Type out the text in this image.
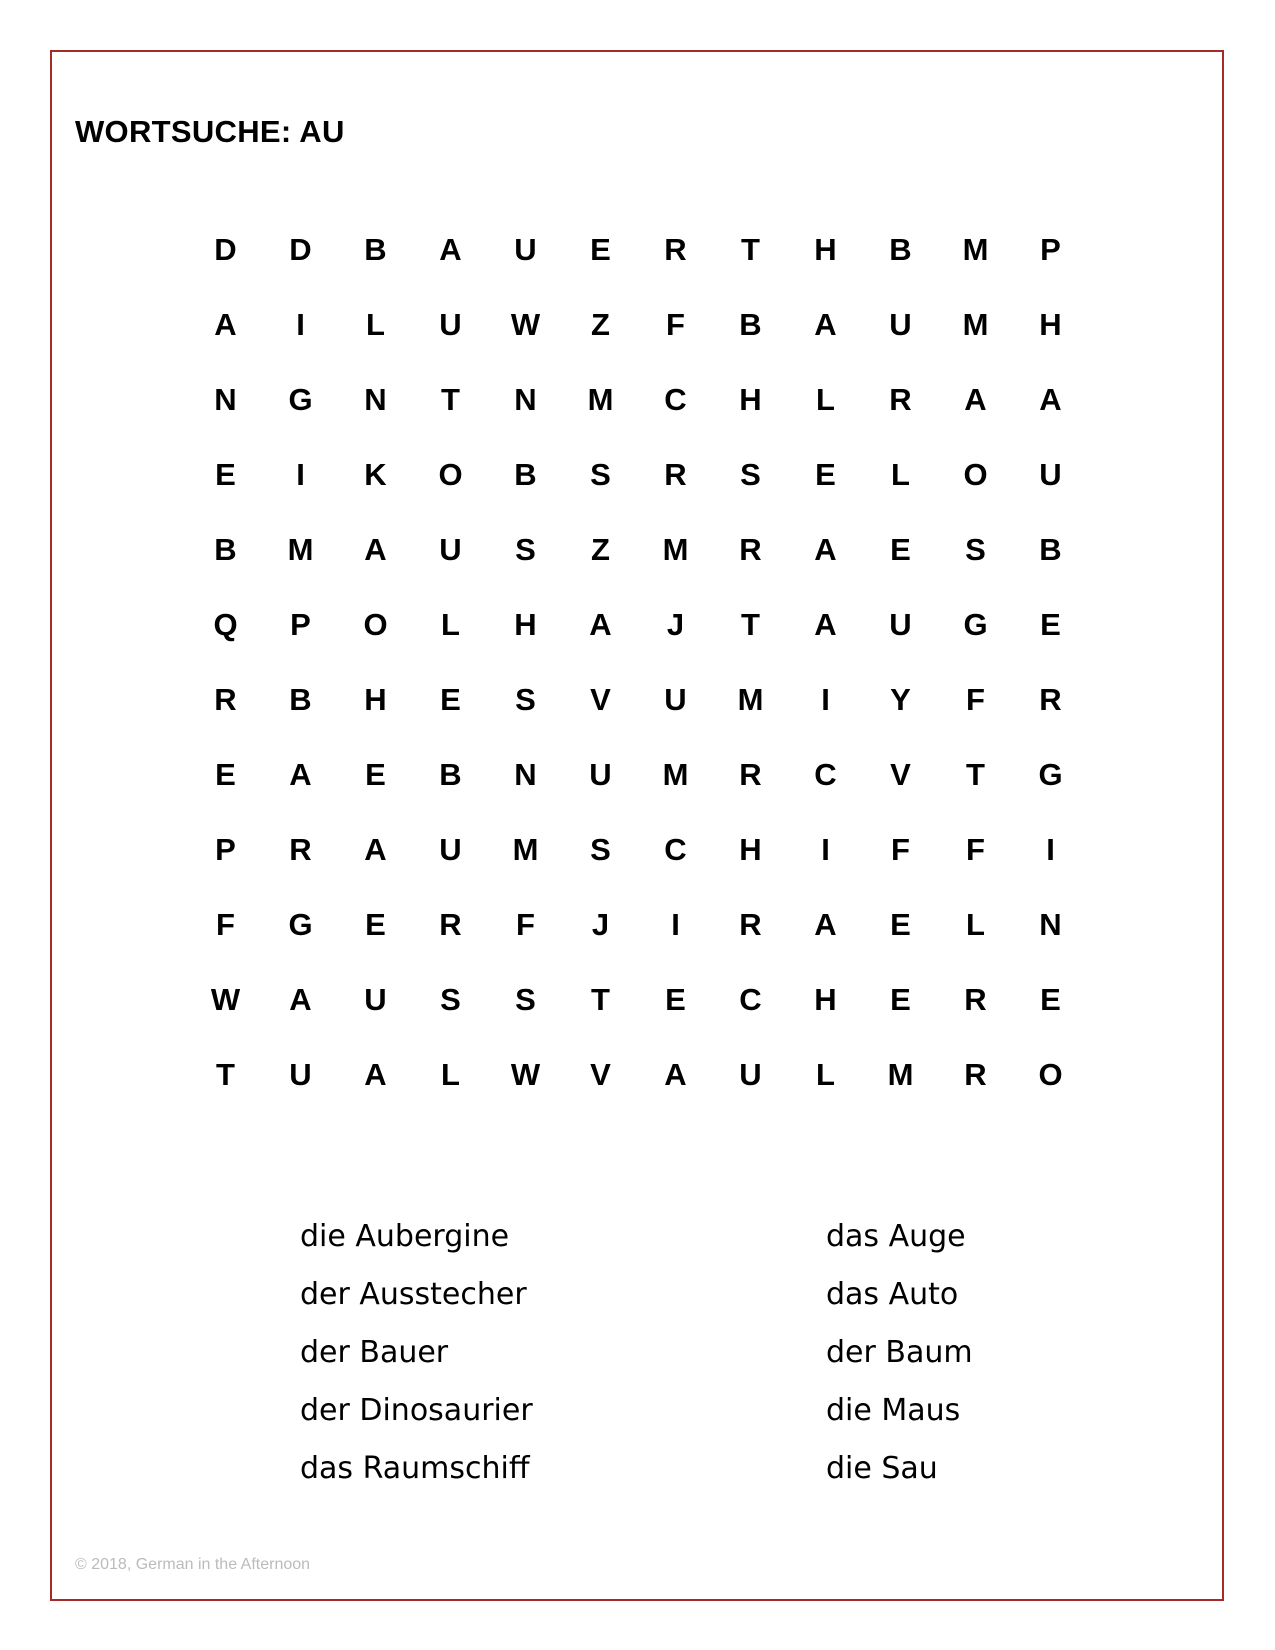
WORTSUCHE: AU
D	D	B	A	U	E	R	T	H	B	M	P
A	I	L	U	W	Z	F	B	A	U	M	H
N	G	N	T	N	M	C	H	L	R	A	A
E	I	K	O	B	S	R	S	E	L	O	U
B	M	A	U	S	Z	M	R	A	E	S	B
Q	P	O	L	H	A	J	T	A	U	G	E
R	B	H	E	S	V	U	M	I	Y	F	R
E	A	E	B	N	U	M	R	C	V	T	G
P	R	A	U	M	S	C	H	I	F	F	I
F	G	E	R	F	J	I	R	A	E	L	N
W	A	U	S	S	T	E	C	H	E	R	E
T	U	A	L	W	V	A	U	L	M	R	O
die Aubergine
der Ausstecher
der Bauer
der Dinosaurier
das Raumschiff
das Auge
das Auto
der Baum
die Maus
die Sau
© 2018, German in the Afternoon
